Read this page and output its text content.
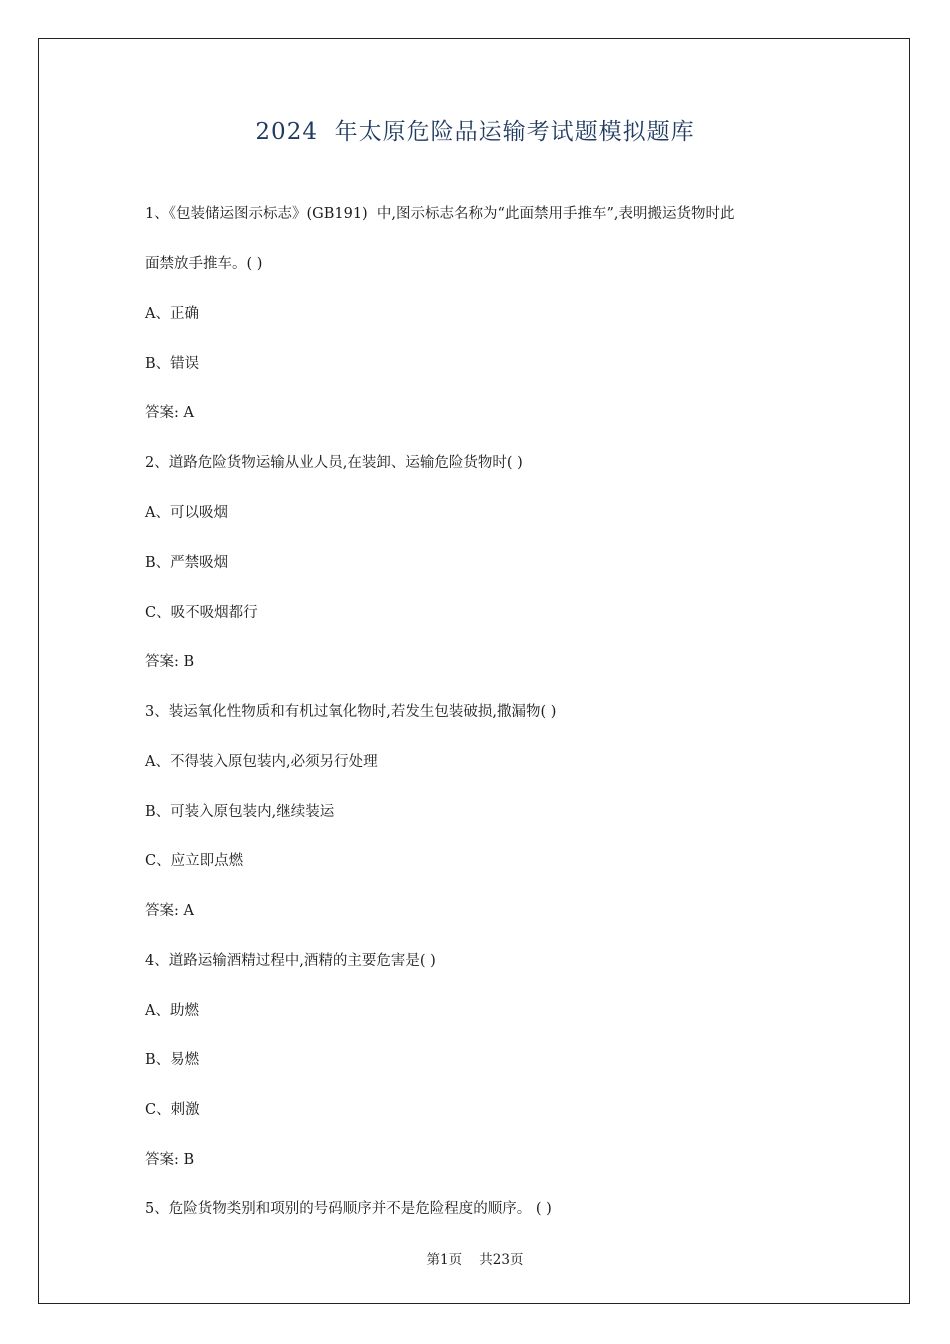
2024  年太原危险品运输考试题模拟题库
1、《包装储运图示标志》(GB191)  中,图示标志名称为“此面禁用手推车”,表明搬运货物时此
面禁放手推车。( )
A、正确
B、错误
答案: A
2、道路危险货物运输从业人员,在装卸、运输危险货物时( )
A、可以吸烟
B、严禁吸烟
C、吸不吸烟都行
答案: B
3、装运氧化性物质和有机过氧化物时,若发生包装破损,撒漏物( )
A、不得装入原包装内,必须另行处理
B、可装入原包装内,继续装运
C、应立即点燃
答案: A
4、道路运输酒精过程中,酒精的主要危害是( )
A、助燃
B、易燃
C、刺激
答案: B
5、危险货物类别和项别的号码顺序并不是危险程度的顺序。 ( )
第1页    共23页
